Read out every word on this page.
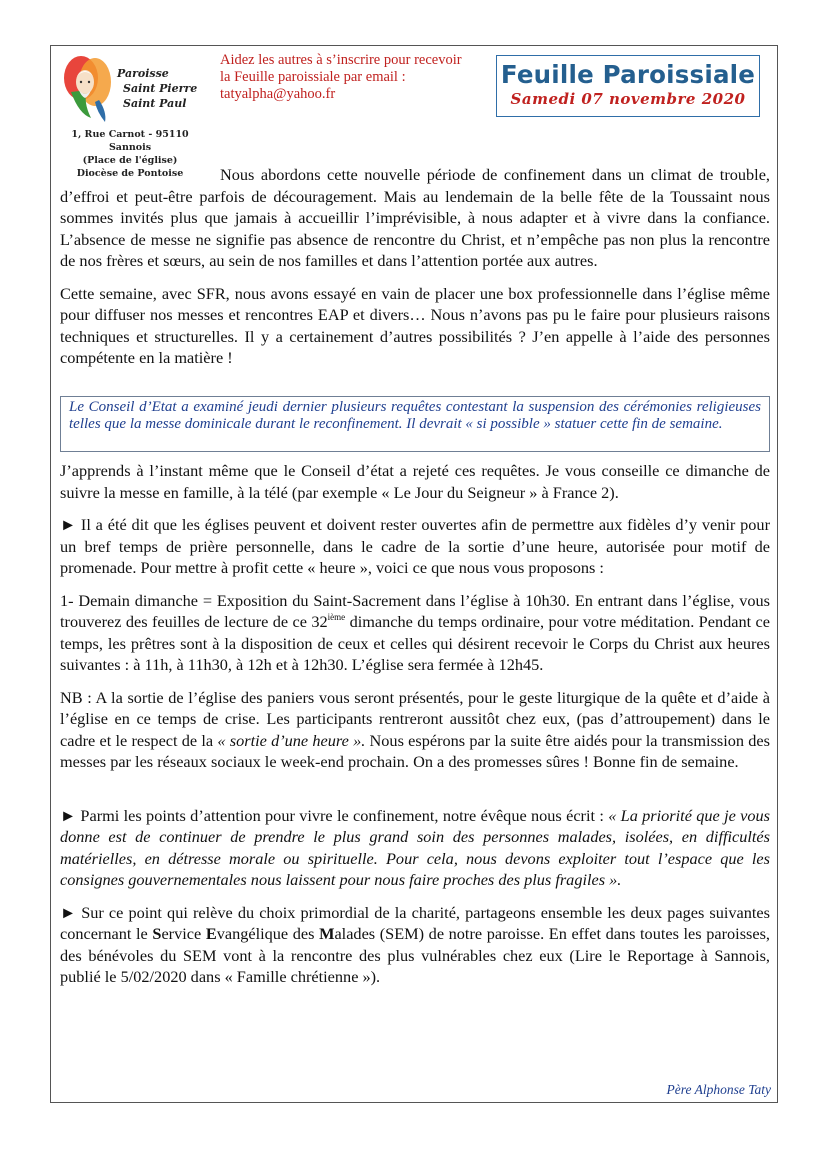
Paroisse
Saint Pierre
Saint Paul
1, Rue Carnot - 95110 Sannois
(Place de l'église)
Diocèse de Pontoise
Aidez les autres à s’inscrire pour recevoir la Feuille paroissiale par email : tatyalpha@yahoo.fr
Feuille Paroissiale
Samedi 07 novembre 2020

Nous abordons cette nouvelle période de confinement dans un climat de trouble, d’effroi et peut-être parfois de découragement. Mais au lendemain de la belle fête de la Toussaint nous sommes invités plus que jamais à accueillir l’imprévisible, à nous adapter et à vivre dans la confiance. L’absence de messe ne signifie pas absence de rencontre du Christ, et n’empêche pas non plus la rencontre de nos frères et sœurs, au sein de nos familles et dans l’attention portée aux autres.

Cette semaine, avec SFR, nous avons essayé en vain de placer une box professionnelle dans l’église même pour diffuser nos messes et rencontres EAP et divers… Nous n’avons pas pu le faire pour plusieurs raisons techniques et structurelles. Il y a certainement d’autres possibilités ? J’en appelle à l’aide des personnes compétente en la matière !

Le Conseil d’Etat a examiné jeudi dernier plusieurs requêtes contestant la suspension des cérémonies religieuses telles que la messe dominicale durant le reconfinement. Il devrait « si possible » statuer cette fin de semaine.

J’apprends à l’instant même que le Conseil d’état a rejeté ces requêtes. Je vous conseille ce dimanche de suivre la messe en famille, à la télé (par exemple « Le Jour du Seigneur » à France 2).

► Il a été dit que les églises peuvent et doivent rester ouvertes afin de permettre aux fidèles d’y venir pour un bref temps de prière personnelle, dans le cadre de la sortie d’une heure, autorisée pour motif de promenade. Pour mettre à profit cette « heure », voici ce que nous vous proposons :

1- Demain dimanche = Exposition du Saint-Sacrement dans l’église à 10h30. En entrant dans l’église, vous trouverez des feuilles de lecture de ce 32ième dimanche du temps ordinaire, pour votre méditation. Pendant ce temps, les prêtres sont à la disposition de ceux et celles qui désirent recevoir le Corps du Christ aux heures suivantes : à 11h, à 11h30, à 12h et à 12h30. L’église sera fermée à 12h45.

NB : A la sortie de l’église des paniers vous seront présentés, pour le geste liturgique de la quête et d’aide à l’église en ce temps de crise. Les participants rentreront aussitôt chez eux, (pas d’attroupement) dans le cadre et le respect de la « sortie d’une heure ». Nous espérons par la suite être aidés pour la transmission des messes par les réseaux sociaux le week-end prochain. On a des promesses sûres ! Bonne fin de semaine.

► Parmi les points d’attention pour vivre le confinement, notre évêque nous écrit : « La priorité que je vous donne est de continuer de prendre le plus grand soin des personnes malades, isolées, en difficultés matérielles, en détresse morale ou spirituelle. Pour cela, nous devons exploiter tout l’espace que les consignes gouvernementales nous laissent pour nous faire proches des plus fragiles ».

► Sur ce point qui relève du choix primordial de la charité, partageons ensemble les deux pages suivantes concernant le Service Evangélique des Malades (SEM) de notre paroisse. En effet dans toutes les paroisses, des bénévoles du SEM vont à la rencontre des plus vulnérables chez eux (Lire le Reportage à Sannois, publié le 5/02/2020 dans « Famille chrétienne »).

Père Alphonse Taty
